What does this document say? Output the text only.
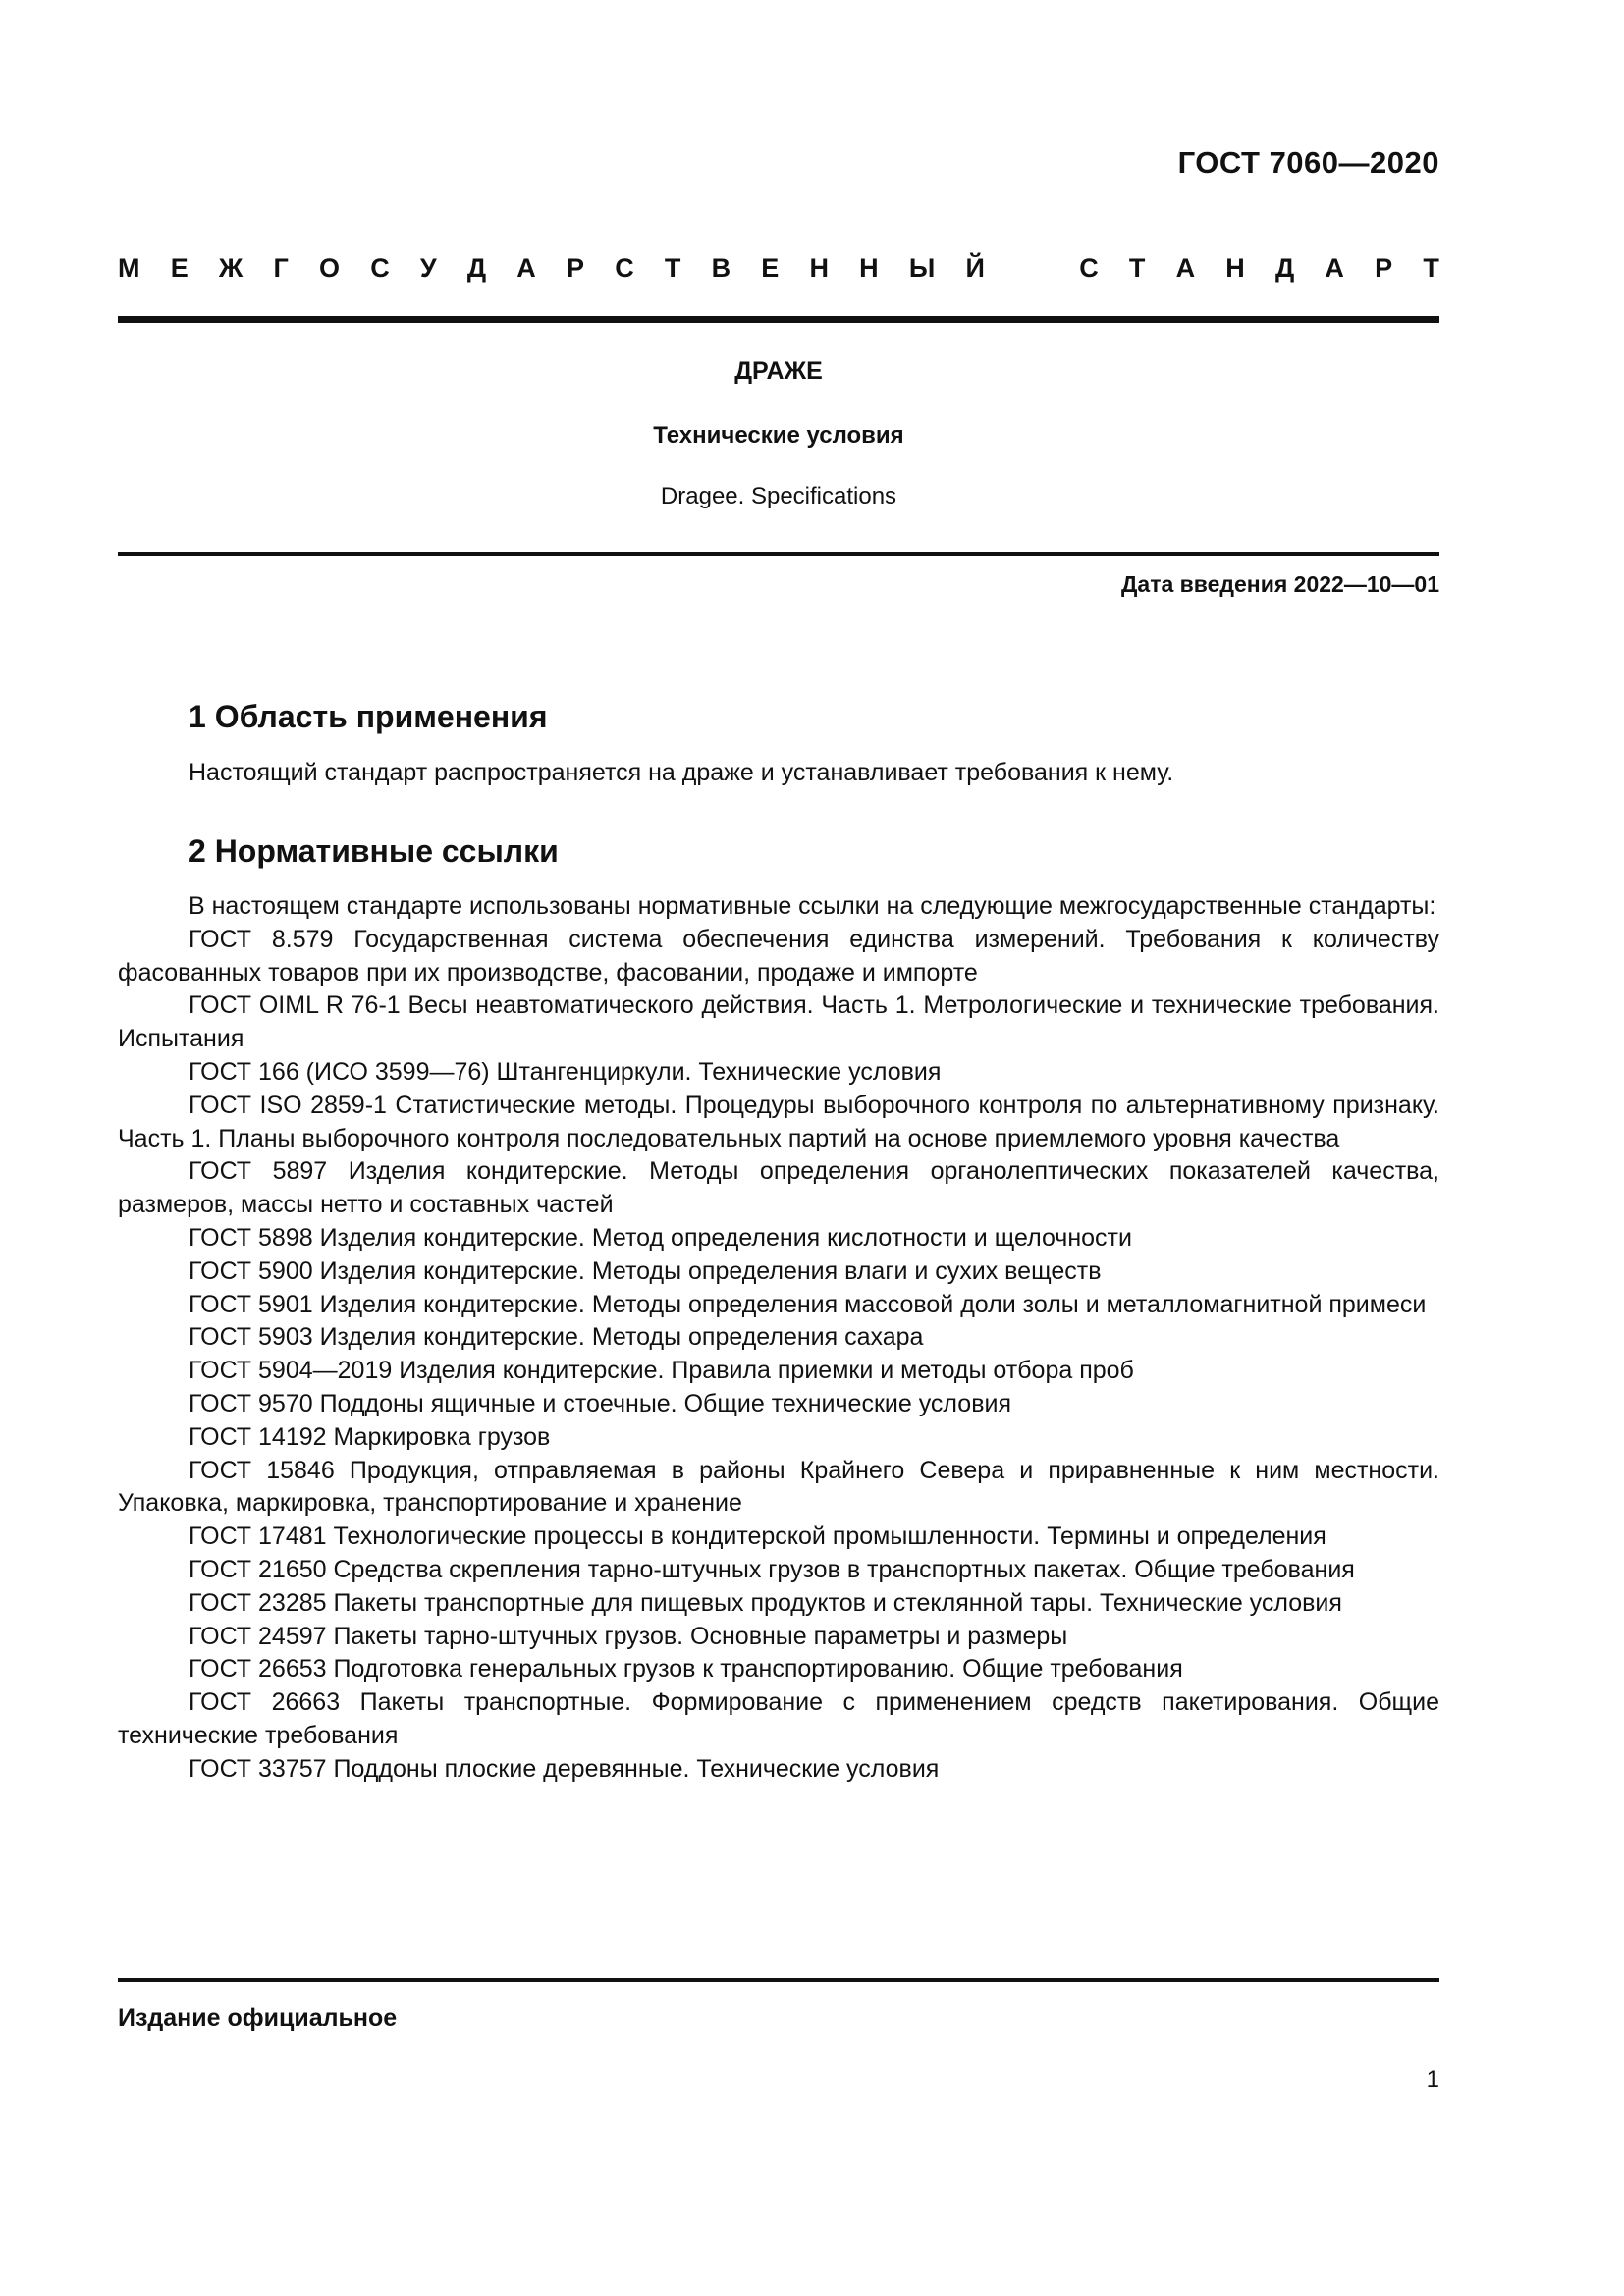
ГОСТ 7060—2020
М Е Ж Г О С У Д А Р С Т В Е Н Н Ы Й	С Т А Н Д А Р Т
ДРАЖЕ
Технические условия
Dragee. Specifications
Дата введения 2022—10—01
1 Область применения
Настоящий стандарт распространяется на драже и устанавливает требования к нему.
2 Нормативные ссылки

В настоящем стандарте использованы нормативные ссылки на следующие межгосударственные стандарты:

ГОСТ 8.579 Государственная система обеспечения единства измерений. Требования к количеству фасованных товаров при их производстве, фасовании, продаже и импорте

ГОСТ OIML R 76-1 Весы неавтоматического действия. Часть 1. Метрологические и технические требования. Испытания

ГОСТ 166 (ИСО 3599—76) Штангенциркули. Технические условия

ГОСТ ISO 2859-1 Статистические методы. Процедуры выборочного контроля по альтернативному признаку. Часть 1. Планы выборочного контроля последовательных партий на основе приемлемого уровня качества

ГОСТ 5897 Изделия кондитерские. Методы определения органолептических показателей качества, размеров, массы нетто и составных частей

ГОСТ 5898 Изделия кондитерские. Метод определения кислотности и щелочности

ГОСТ 5900 Изделия кондитерские. Методы определения влаги и сухих веществ

ГОСТ 5901 Изделия кондитерские. Методы определения массовой доли золы и металломагнитной примеси

ГОСТ 5903 Изделия кондитерские. Методы определения сахара

ГОСТ 5904—2019 Изделия кондитерские. Правила приемки и методы отбора проб

ГОСТ 9570 Поддоны ящичные и стоечные. Общие технические условия

ГОСТ 14192 Маркировка грузов

ГОСТ 15846 Продукция, отправляемая в районы Крайнего Севера и приравненные к ним местности. Упаковка, маркировка, транспортирование и хранение

ГОСТ 17481 Технологические процессы в кондитерской промышленности. Термины и определения

ГОСТ 21650 Средства скрепления тарно-штучных грузов в транспортных пакетах. Общие требования

ГОСТ 23285 Пакеты транспортные для пищевых продуктов и стеклянной тары. Технические условия

ГОСТ 24597 Пакеты тарно-штучных грузов. Основные параметры и размеры

ГОСТ 26653 Подготовка генеральных грузов к транспортированию. Общие требования

ГОСТ 26663 Пакеты транспортные. Формирование с применением средств пакетирования. Общие технические требования

ГОСТ 33757 Поддоны плоские деревянные. Технические условия

Издание официальное
1
